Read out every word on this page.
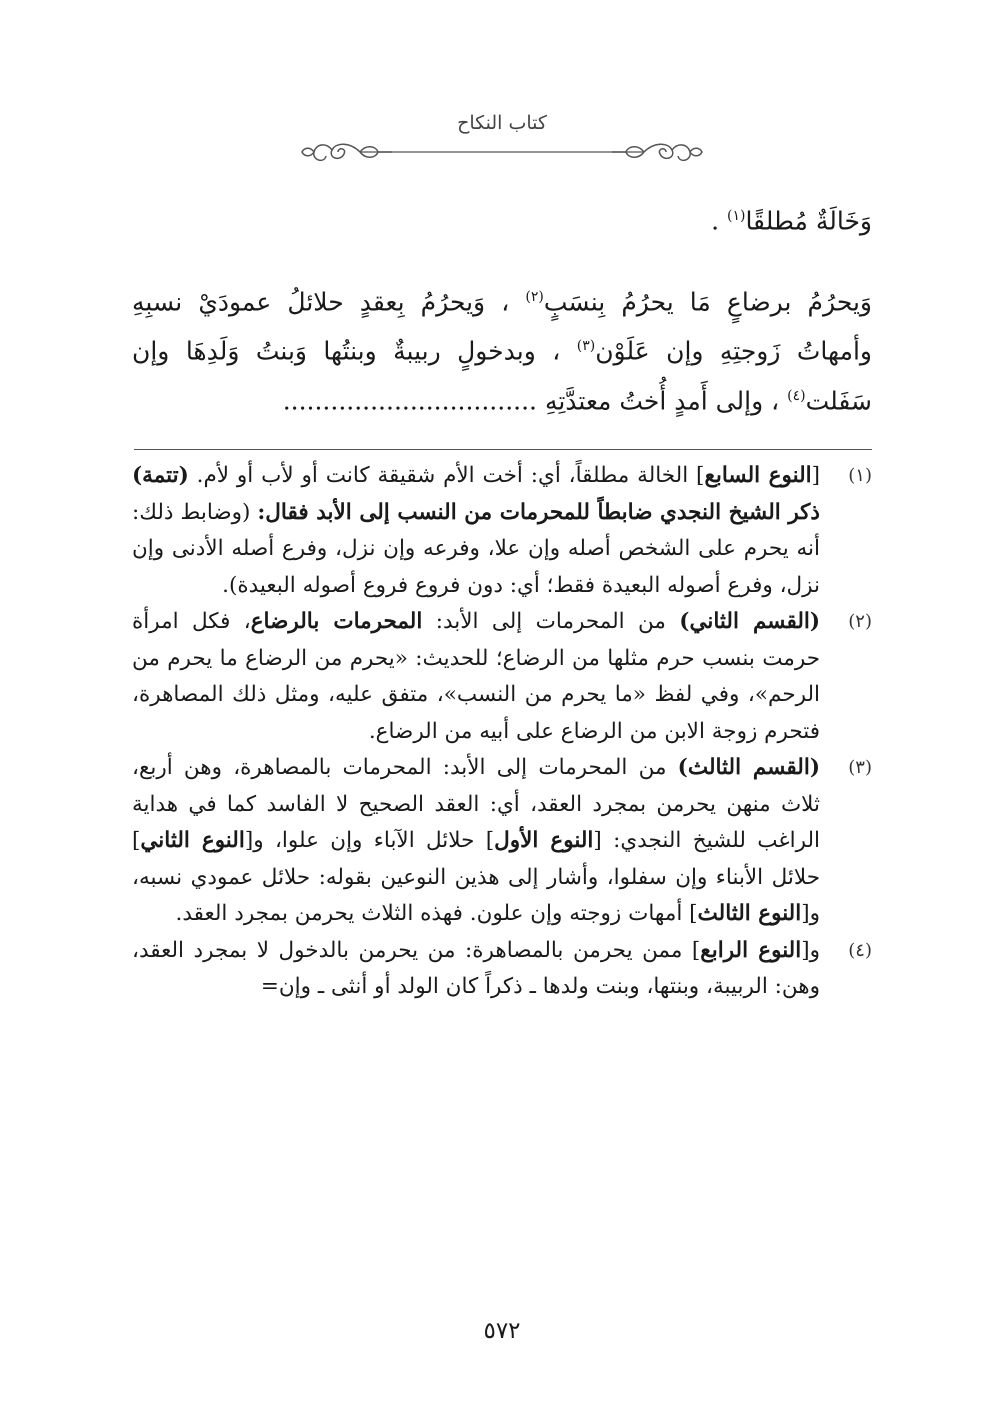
كتاب النكاح
وَخَالَةٌ مُطلقًا$^{(١)}$ .
وَيحرُمُ برضاعٍ مَا يحرُمُ بِنسَبٍ$^{(٢)}$ ، وَيحرُمُ بِعقدٍ حلائلُ عمودَيْ نسبِهِ وأمهاتُ زَوجتِهِ وإن عَلَوْن$^{(٣)}$ ، وبدخولٍ ربيبةٌ وبنتُها وَبنتُ وَلَدِهَا وإن سَفَلت$^{(٤)}$ ، وإلى أَمدٍ أُختُ معتدَّتِهِ ................................

(١)
[النوع السابع] الخالة مطلقاً، أي: أخت الأم شقيقة كانت أو لأب أو لأم. (تتمة) ذكر الشيخ النجدي ضابطاً للمحرمات من النسب إلى الأبد فقال: (وضابط ذلك: أنه يحرم على الشخص أصله وإن علا، وفرعه وإن نزل، وفرع أصله الأدنى وإن نزل، وفرع أصوله البعيدة فقط؛ أي: دون فروع فروع أصوله البعيدة).

(٢)
(القسم الثاني) من المحرمات إلى الأبد: المحرمات بالرضاع، فكل امرأة حرمت بنسب حرم مثلها من الرضاع؛ للحديث: «يحرم من الرضاع ما يحرم من الرحم»، وفي لفظ «ما يحرم من النسب»، متفق عليه، ومثل ذلك المصاهرة، فتحرم زوجة الابن من الرضاع على أبيه من الرضاع.

(٣)
(القسم الثالث) من المحرمات إلى الأبد: المحرمات بالمصاهرة، وهن أربع، ثلاث منهن يحرمن بمجرد العقد، أي: العقد الصحيح لا الفاسد كما في هداية الراغب للشيخ النجدي: [النوع الأول] حلائل الآباء وإن علوا، و[النوع الثاني] حلائل الأبناء وإن سفلوا، وأشار إلى هذين النوعين بقوله: حلائل عمودي نسبه، و[النوع الثالث] أمهات زوجته وإن علون. فهذه الثلاث يحرمن بمجرد العقد.

(٤)
و[النوع الرابع] ممن يحرمن بالمصاهرة: من يحرمن بالدخول لا بمجرد العقد، وهن: الربيبة، وبنتها، وبنت ولدها ـ ذكراً كان الولد أو أنثى ـ وإن=

٥٧٢
